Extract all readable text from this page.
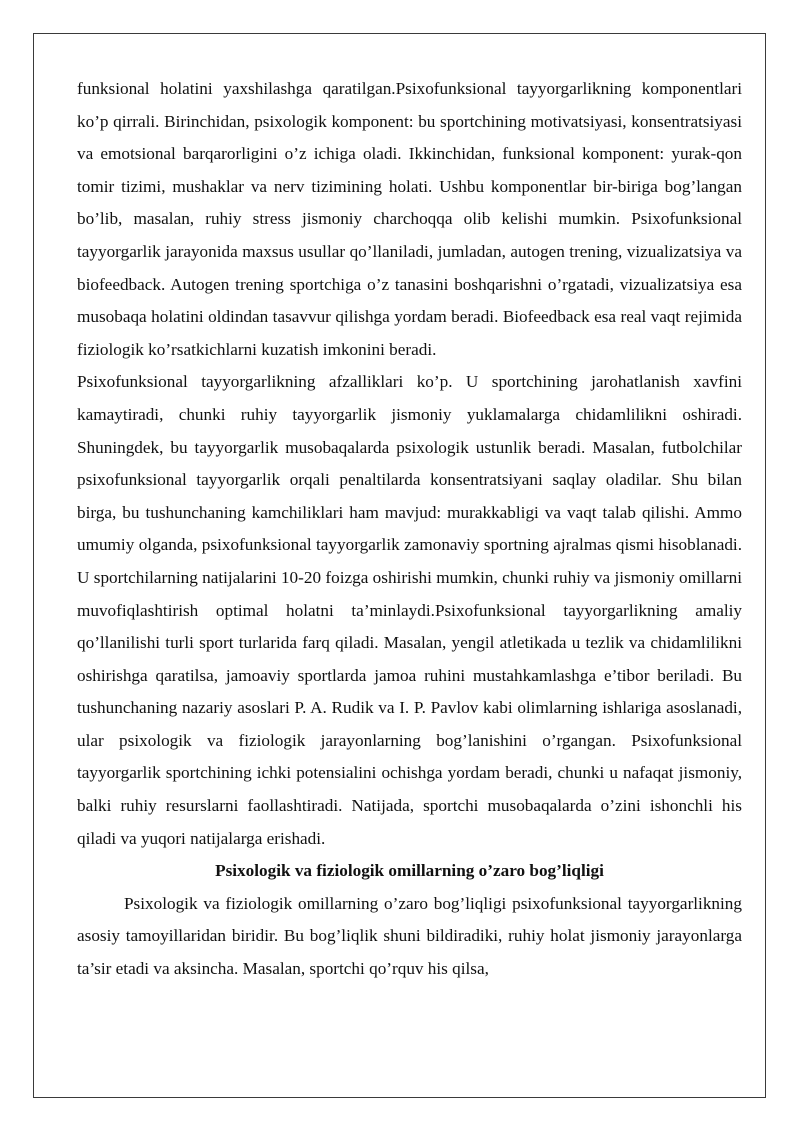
funksional holatini yaxshilashga qaratilgan.Psixofunksional tayyorgarlikning komponentlari ko’p qirrali. Birinchidan, psixologik komponent: bu sportchining motivatsiyasi, konsentratsiyasi va emotsional barqarorligini o’z ichiga oladi. Ikkinchidan, funksional komponent: yurak-qon tomir tizimi, mushaklar va nerv tizimining holati. Ushbu komponentlar bir-biriga bog’langan bo’lib, masalan, ruhiy stress jismoniy charchoqqa olib kelishi mumkin. Psixofunksional tayyorgarlik jarayonida maxsus usullar qo’llaniladi, jumladan, autogen trening, vizualizatsiya va biofeedback. Autogen trening sportchiga o’z tanasini boshqarishni o’rgatadi, vizualizatsiya esa musobaqa holatini oldindan tasavvur qilishga yordam beradi. Biofeedback esa real vaqt rejimida fiziologik ko’rsatkichlarni kuzatish imkonini beradi.

Psixofunksional tayyorgarlikning afzalliklari ko’p. U sportchining jarohatlanish xavfini kamaytiradi, chunki ruhiy tayyorgarlik jismoniy yuklamalarga chidamlilikni oshiradi. Shuningdek, bu tayyorgarlik musobaqalarda psixologik ustunlik beradi. Masalan, futbolchilar psixofunksional tayyorgarlik orqali penaltilarda konsentratsiyani saqlay oladilar. Shu bilan birga, bu tushunchaning kamchiliklari ham mavjud: murakkabligi va vaqt talab qilishi. Ammo umumiy olganda, psixofunksional tayyorgarlik zamonaviy sportning ajralmas qismi hisoblanadi. U sportchilarning natijalarini 10-20 foizga oshirishi mumkin, chunki ruhiy va jismoniy omillarni muvofiqlashtirish optimal holatni ta’minlaydi.Psixofunksional tayyorgarlikning amaliy qo’llanilishi turli sport turlarida farq qiladi. Masalan, yengil atletikada u tezlik va chidamlilikni oshirishga qaratilsa, jamoaviy sportlarda jamoa ruhini mustahkamlashga e’tibor beriladi. Bu tushunchaning nazariy asoslari P. A. Rudik va I. P. Pavlov kabi olimlarning ishlariga asoslanadi, ular psixologik va fiziologik jarayonlarning bog’lanishini o’rgangan. Psixofunksional tayyorgarlik sportchining ichki potensialini ochishga yordam beradi, chunki u nafaqat jismoniy, balki ruhiy resurslarni faollashtiradi. Natijada, sportchi musobaqalarda o’zini ishonchli his qiladi va yuqori natijalarga erishadi.

Psixologik va fiziologik omillarning o’zaro bog’liqligi

Psixologik va fiziologik omillarning o’zaro bog’liqligi psixofunksional tayyorgarlikning asosiy tamoyillaridan biridir. Bu bog’liqlik shuni bildiradiki, ruhiy holat jismoniy jarayonlarga ta’sir etadi va aksincha. Masalan, sportchi qo’rquv his qilsa,
